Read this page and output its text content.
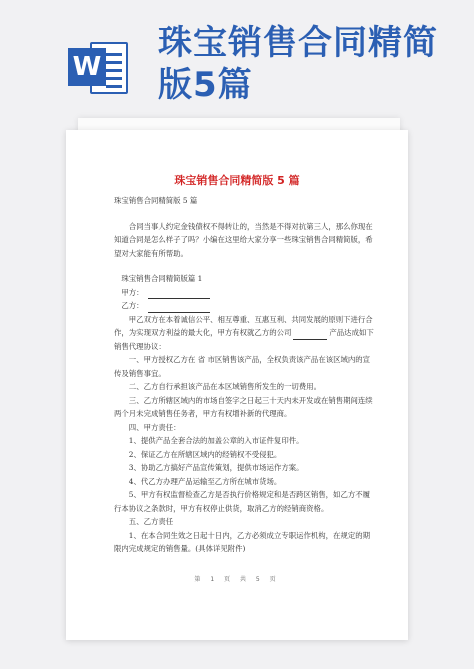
W
珠宝销售合同精简版5篇
珠宝销售合同精简版 5 篇

珠宝销售合同精简版 5 篇

合同当事人约定金钱债权不得转让的，当然是不得对抗第三人，那么你现在知道合同是怎么样子了吗？小编在这里给大家分享一些珠宝销售合同精简版，希望对大家能有所帮助。

珠宝销售合同精简版篇 1

甲方：

乙方：

甲乙双方在本着诚信公平、相互尊重、互惠互利、共同发展的原则下进行合作，为实现双方利益的最大化，甲方有权就乙方的公司	产品达成如下销售代理协议：

一、甲方授权乙方在 省 市区销售该产品，全权负责该产品在该区域内的宣传及销售事宜。

二、乙方自行承担该产品在本区域销售所发生的一切费用。

三、乙方所辖区域内的市场自签字之日起三十天内未开发或在销售期间连续两个月未完成销售任务者，甲方有权增补新的代理商。

四、甲方责任：

1、提供产品全套合法的加盖公章的入市证件复印件。

2、保证乙方在所辖区域内的经销权不受侵犯。

3、协助乙方搞好产品宣传策划，提供市场运作方案。

4、代乙方办理产品运输至乙方所在城市货场。

5、甲方有权监督检查乙方是否执行价格规定和是否跨区销售，如乙方不履行本协议之条款时，甲方有权停止供货，取消乙方的经销商资格。

五、乙方责任

1、在本合同生效之日起十日内，乙方必须成立专职运作机构，在规定的期限内完成规定的销售量。(具体详见附件)

第 1 页 共 5 页
